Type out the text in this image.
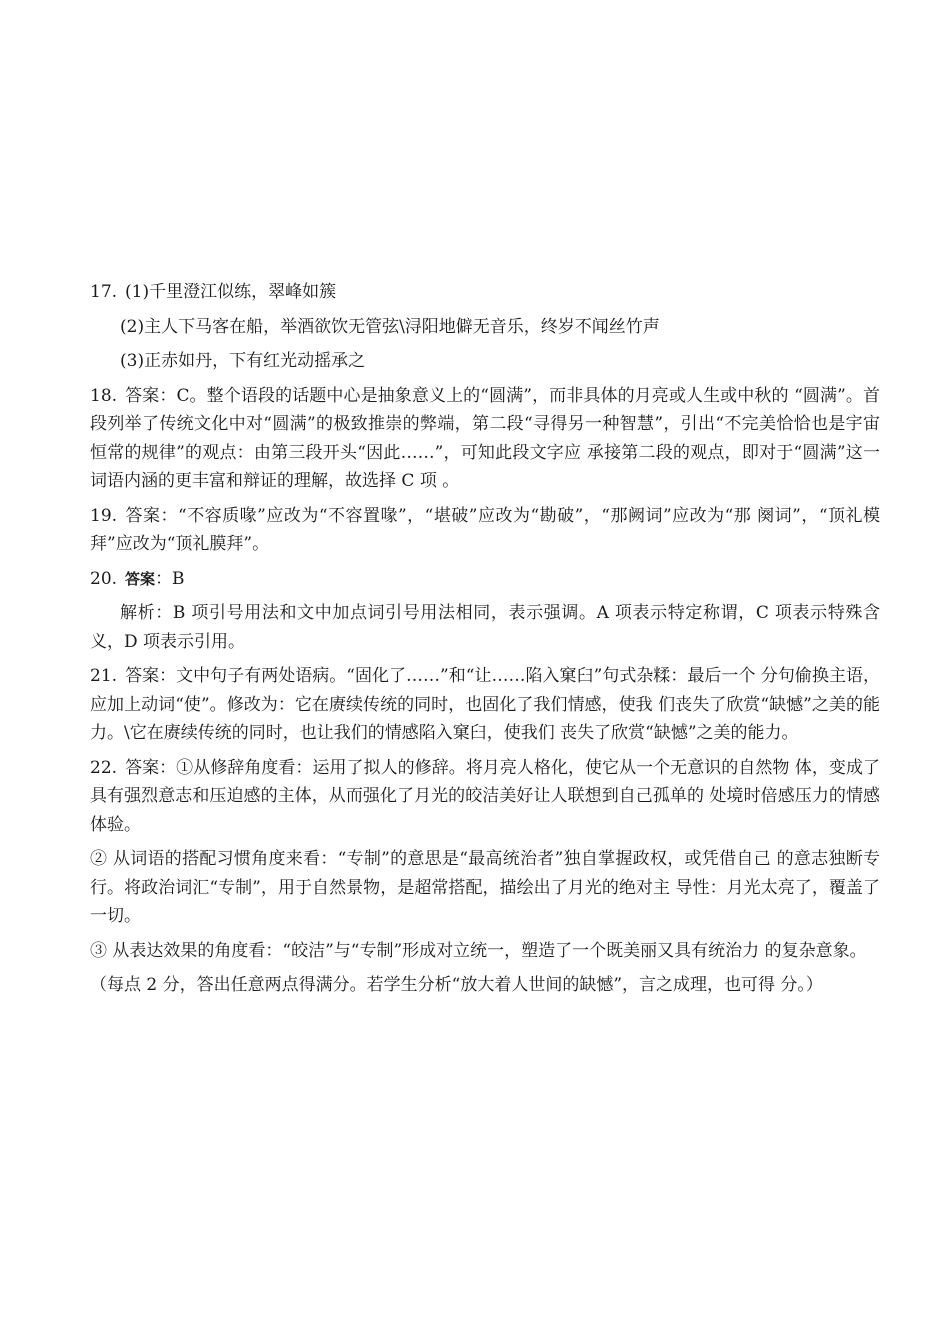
17. (1)千里澄江似练，翠峰如簇

(2)主人下马客在船，举酒欲饮无管弦\浔阳地僻无音乐，终岁不闻丝竹声

(3)正赤如丹，下有红光动摇承之

18. 答案：C。整个语段的话题中心是抽象意义上的“圆满”，而非具体的月亮或人生或中秋的 “圆满”。首段列举了传统文化中对“圆满”的极致推崇的弊端，第二段“寻得另一种智慧”，引出“不完美恰恰也是宇宙恒常的规律”的观点：由第三段开头“因此……”，可知此段文字应 承接第二段的观点，即对于“圆满”这一词语内涵的更丰富和辩证的理解，故选择 C 项 。

19. 答案：“不容质喙”应改为“不容置喙”，“堪破”应改为“勘破”，“那阙词”应改为“那 阕词”，“顶礼模拜”应改为“顶礼膜拜”。

20. 答案：B

解析：B 项引号用法和文中加点词引号用法相同，表示强调。A 项表示特定称谓，C 项表示特殊含义，D 项表示引用。

21. 答案：文中句子有两处语病。“固化了……”和“让……陷入窠臼”句式杂糅：最后一个 分句偷换主语，应加上动词“使”。修改为：它在赓续传统的同时，也固化了我们情感，使我 们丧失了欣赏“缺憾”之美的能力。\它在赓续传统的同时，也让我们的情感陷入窠臼，使我们 丧失了欣赏“缺憾”之美的能力。

22. 答案：①从修辞角度看：运用了拟人的修辞。将月亮人格化，使它从一个无意识的自然物 体，变成了具有强烈意志和压迫感的主体，从而强化了月光的皎洁美好让人联想到自己孤单的 处境时倍感压力的情感体验。

② 从词语的搭配习惯角度来看：“专制”的意思是“最高统治者”独自掌握政权，或凭借自己 的意志独断专行。将政治词汇“专制”，用于自然景物，是超常搭配，描绘出了月光的绝对主 导性：月光太亮了，覆盖了一切。

③ 从表达效果的角度看：“皎洁”与“专制”形成对立统一，塑造了一个既美丽又具有统治力 的复杂意象。

（每点 2 分，答出任意两点得满分。若学生分析“放大着人世间的缺憾”，言之成理，也可得 分。）
